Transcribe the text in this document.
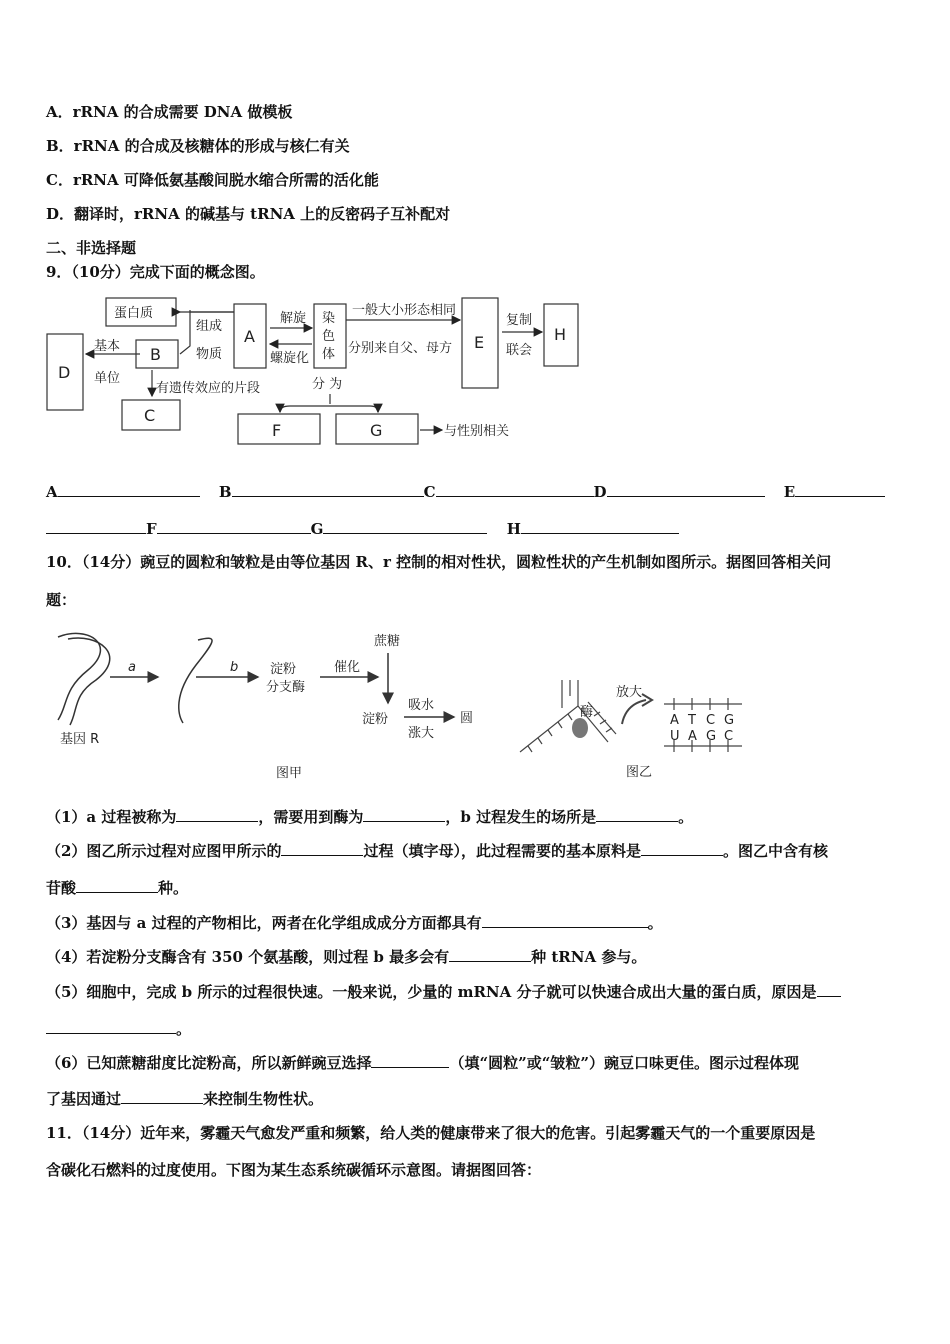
A．rRNA 的合成需要 DNA 做模板
B．rRNA 的合成及核糖体的形成与核仁有关
C．rRNA 可降低氨基酸间脱水缩合所需的活化能
D．翻译时，rRNA 的碱基与 tRNA 上的反密码子互补配对
二、非选择题
9．（10分）完成下面的概念图。
蛋白质
组成
物质
A
B
C
D
基本
单位
解旋
螺旋化
染
色
体
一般大小形态相同
分别来自父、母方 E
复制
联会
H
有遗传效应的片段	分 为
F	G	与性别相关
A	B	C	D	E
F	G	H
10．（14分）豌豆的圆粒和皱粒是由等位基因 R、r 控制的相对性状，圆粒性状的产生机制如图所示。据图回答相关问
题：
a	b
基因 R
淀粉
分支酶
蔗糖
催化
淀粉
吸水
涨大
圆
图甲
酶
放大
A T C G
U A G C
图乙
（1）a 过程被称为	，需要用到酶为	，b 过程发生的场所是	。
（2）图乙所示过程对应图甲所示的	过程（填字母），此过程需要的基本原料是	。图乙中含有核
苷酸	种。
（3）基因与 a 过程的产物相比，两者在化学组成成分方面都具有	。
（4）若淀粉分支酶含有 350 个氨基酸，则过程 b 最多会有	种 tRNA 参与。
（5）细胞中，完成 b 所示的过程很快速。一般来说，少量的 mRNA 分子就可以快速合成出大量的蛋白质，原因是
。
（6）已知蔗糖甜度比淀粉高，所以新鲜豌豆选择	（填“圆粒”或“皱粒”）豌豆口味更佳。图示过程体现
了基因通过	来控制生物性状。
11．（14分）近年来，雾霾天气愈发严重和频繁，给人类的健康带来了很大的危害。引起雾霾天气的一个重要原因是
含碳化石燃料的过度使用。下图为某生态系统碳循环示意图。请据图回答：
